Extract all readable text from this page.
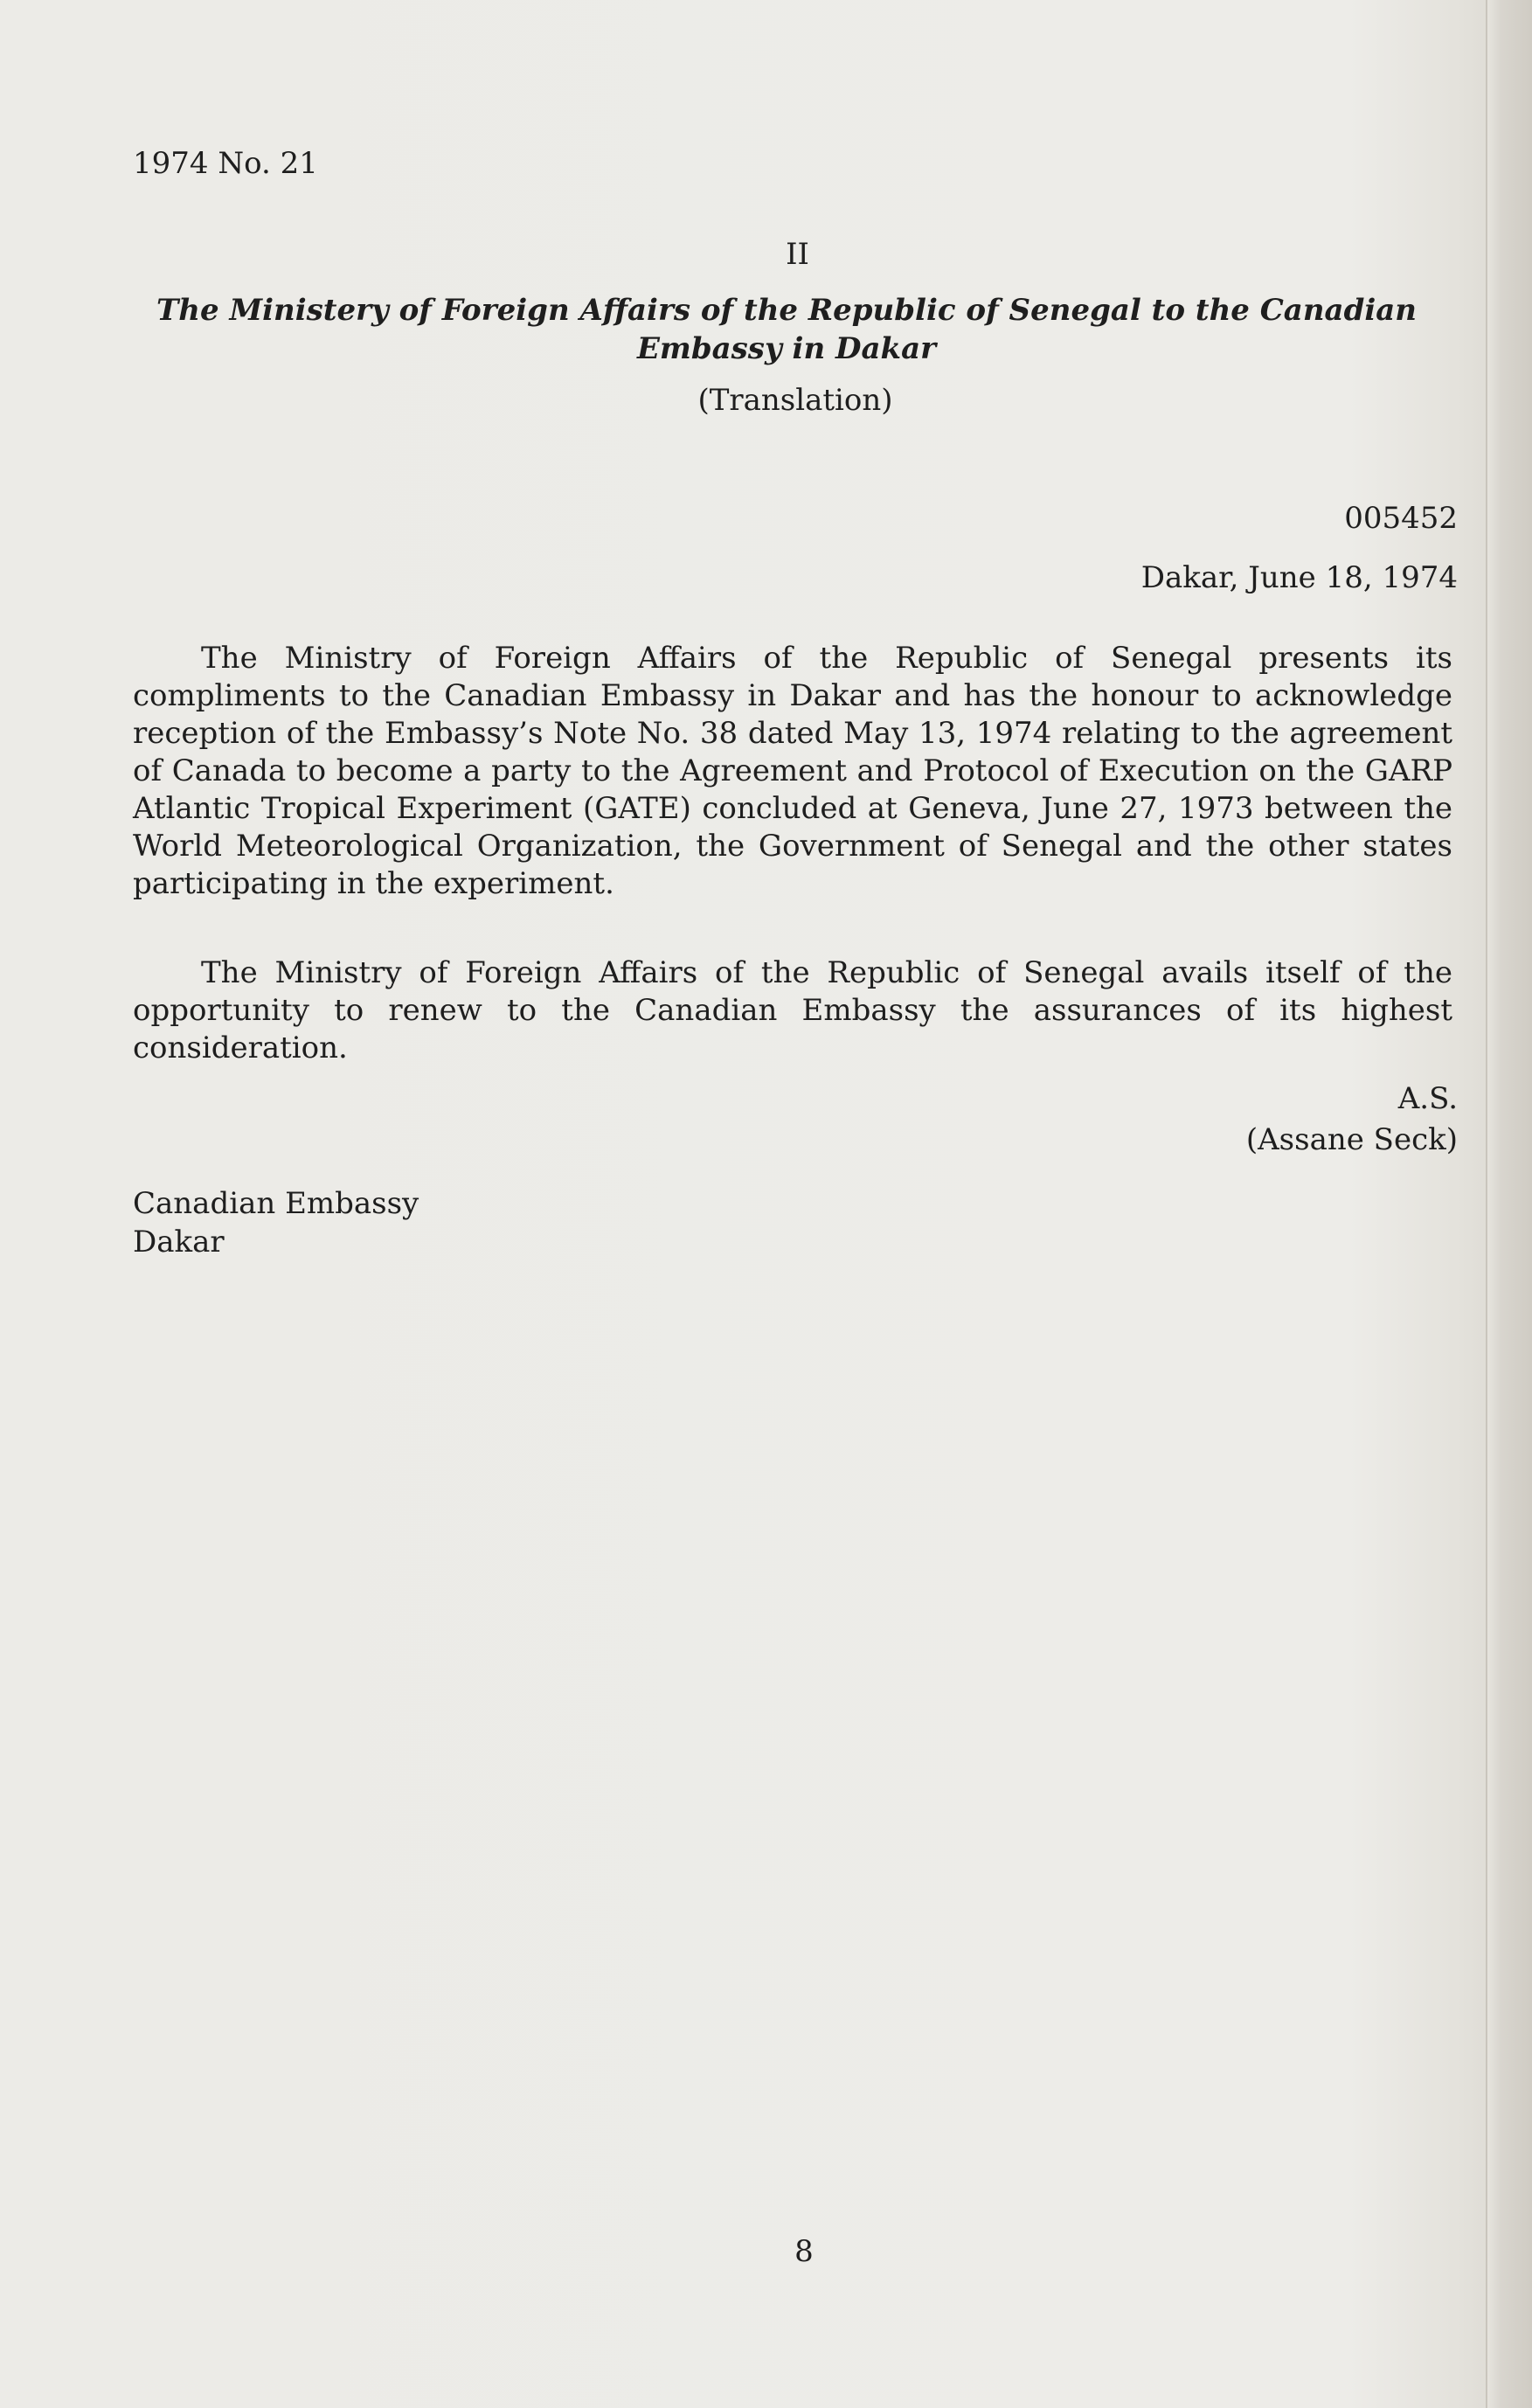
1974 No. 21
II
The Ministery of Foreign Affairs of the Republic of Senegal to the Canadian
Embassy in Dakar
(Translation)
005452
Dakar, June 18, 1974
The Ministry of Foreign Affairs of the Republic of Senegal presents its compliments to the Canadian Embassy in Dakar and has the honour to acknowledge reception of the Embassy’s Note No. 38 dated May 13, 1974 relating to the agreement of Canada to become a party to the Agreement and Protocol of Execution on the GARP Atlantic Tropical Experiment (GATE) concluded at Geneva, June 27, 1973 between the World Meteorological Organization, the Government of Senegal and the other states participating in the experiment.
The Ministry of Foreign Affairs of the Republic of Senegal avails itself of the opportunity to renew to the Canadian Embassy the assurances of its highest consideration.
A.S.
(Assane Seck)
Canadian Embassy
Dakar
8
